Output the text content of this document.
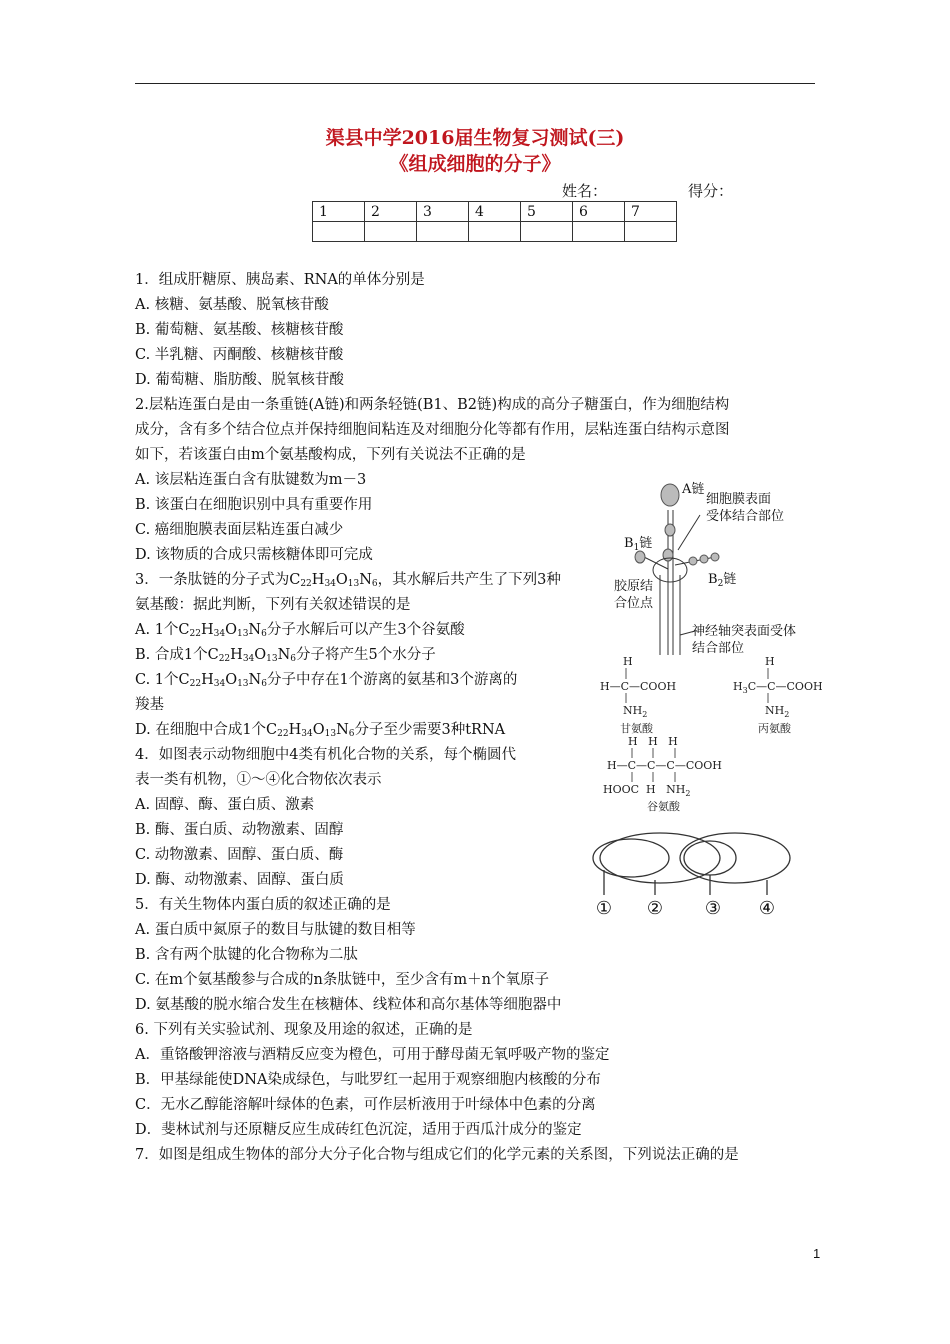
渠县中学2016届生物复习测试(三)
《组成细胞的分子》
姓名：	得分：
1	2	3	4	5	6	7

1．组成肝糖原、胰岛素、RNA的单体分别是
A. 核糖、氨基酸、脱氧核苷酸
B. 葡萄糖、氨基酸、核糖核苷酸
C. 半乳糖、丙酮酸、核糖核苷酸
D. 葡萄糖、脂肪酸、脱氧核苷酸
2.层粘连蛋白是由一条重链(A链)和两条轻链(B1、B2链)构成的高分子糖蛋白，作为细胞结构
成分，含有多个结合位点并保持细胞间粘连及对细胞分化等都有作用，层粘连蛋白结构示意图
如下，若该蛋白由m个氨基酸构成，下列有关说法不正确的是
A. 该层粘连蛋白含有肽键数为m－3
B. 该蛋白在细胞识别中具有重要作用
C. 癌细胞膜表面层粘连蛋白减少
D. 该物质的合成只需核糖体即可完成
3．一条肽链的分子式为$C_{22}H_{34}O_{13}N_6$，其水解后共产生了下列3种
氨基酸：据此判断，下列有关叙述错误的是
A. 1个$C_{22}H_{34}O_{13}N_6$分子水解后可以产生3个谷氨酸
B. 合成1个$C_{22}H_{34}O_{13}N_6$分子将产生5个水分子
C. 1个$C_{22}H_{34}O_{13}N_6$分子中存在1个游离的氨基和3个游离的
羧基
D. 在细胞中合成1个$C_{22}H_{34}O_{13}N_6$分子至少需要3种tRNA
4．如图表示动物细胞中4类有机化合物的关系，每个椭圆代
表一类有机物，①～④化合物依次表示
A. 固醇、酶、蛋白质、激素
B. 酶、蛋白质、动物激素、固醇
C. 动物激素、固醇、蛋白质、酶
D. 酶、动物激素、固醇、蛋白质
5．有关生物体内蛋白质的叙述正确的是
A. 蛋白质中氮原子的数目与肽键的数目相等
B. 含有两个肽键的化合物称为二肽
C. 在m个氨基酸参与合成的n条肽链中，至少含有m＋n个氧原子
D. 氨基酸的脱水缩合发生在核糖体、线粒体和高尔基体等细胞器中
6. 下列有关实验试剂、现象及用途的叙述，正确的是
A．重铬酸钾溶液与酒精反应变为橙色，可用于酵母菌无氧呼吸产物的鉴定
B．甲基绿能使DNA染成绿色，与吡罗红一起用于观察细胞内核酸的分布
C．无水乙醇能溶解叶绿体的色素，可作层析液用于叶绿体中色素的分离
D．斐林试剂与还原糖反应生成砖红色沉淀，适用于西瓜汁成分的鉴定
7．如图是组成生物体的部分大分子化合物与组成它们的化学元素的关系图，下列说法正确的是
A链
细胞膜表面
受体结合部位
$B_1$链
$B_2$链
胶原结
合位点
神经轴突表面受体
结合部位
H
H—C—COOH
$NH_2$
甘氨酸
H
$H_3C—C—COOH$
$NH_2$
丙氨酸
H   H   H
H—C—C—C—COOH
HOOC  H   $NH_2$
谷氨酸
① ② ③ ④
1
